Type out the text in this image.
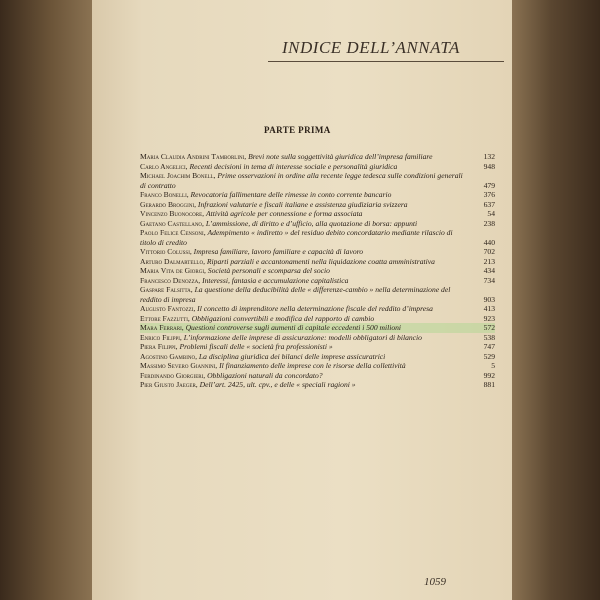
INDICE DELL’ANNATA
PARTE PRIMA
Maria Claudia Andrini Tamborlini, Brevi note sulla soggettività giuridica dell’impresa familiare	132
Carlo Angelici, Recenti decisioni in tema di interesse sociale e personalità giuridica	948
Michael Joachim Bonell, Prime osservazioni in ordine alla recente legge tedesca sulle condizioni generali di contratto	479
Franco Bonelli, Revocatoria fallimentare delle rimesse in conto corrente bancario	376
Gerardo Broggini, Infrazioni valutarie e fiscali italiane e assistenza giudiziaria svizzera	637
Vincenzo Buonocore, Attività agricole per connessione e forma associata	54
Gaetano Castellano, L’ammissione, di diritto e d’ufficio, alla quotazione di borsa: appunti	238
Paolo Felice Censoni, Adempimento « indiretto » del residuo debito concordatario mediante rilascio di titolo di credito	440
Vittorio Colussi, Impresa familiare, lavoro familiare e capacità di lavoro	702
Arturo Dalmartello, Riparti parziali e accantonamenti nella liquidazione coatta amministrativa	213
Maria Vita de Giorgi, Società personali e scomparsa del socio	434
Francesco Denozza, Interessi, fantasia e accumulazione capitalistica	734
Gaspare Falsitta, La questione della deducibilità delle « differenze-cambio » nella determinazione del reddito di impresa	903
Augusto Fantozzi, Il concetto di imprenditore nella determinazione fiscale del reddito d’impresa	413
Ettore Fazzutti, Obbligazioni convertibili e modifica del rapporto di cambio	923
Mara Ferrari, Questioni controverse sugli aumenti di capitale eccedenti i 500 milioni	572
Enrico Filippi, L’informazione delle imprese di assicurazione: modelli obbligatori di bilancio	538
Piera Filippi, Problemi fiscali delle « società fra professionisti »	747
Agostino Gambino, La disciplina giuridica dei bilanci delle imprese assicuratrici	529
Massimo Severo Giannini, Il finanziamento delle imprese con le risorse della collettività	5
Ferdinando Giorgieri, Obbligazioni naturali da concordato?	992
Pier Giusto Jaeger, Dell’art. 2425, ult. cpv., e delle « speciali ragioni »	881
1059
